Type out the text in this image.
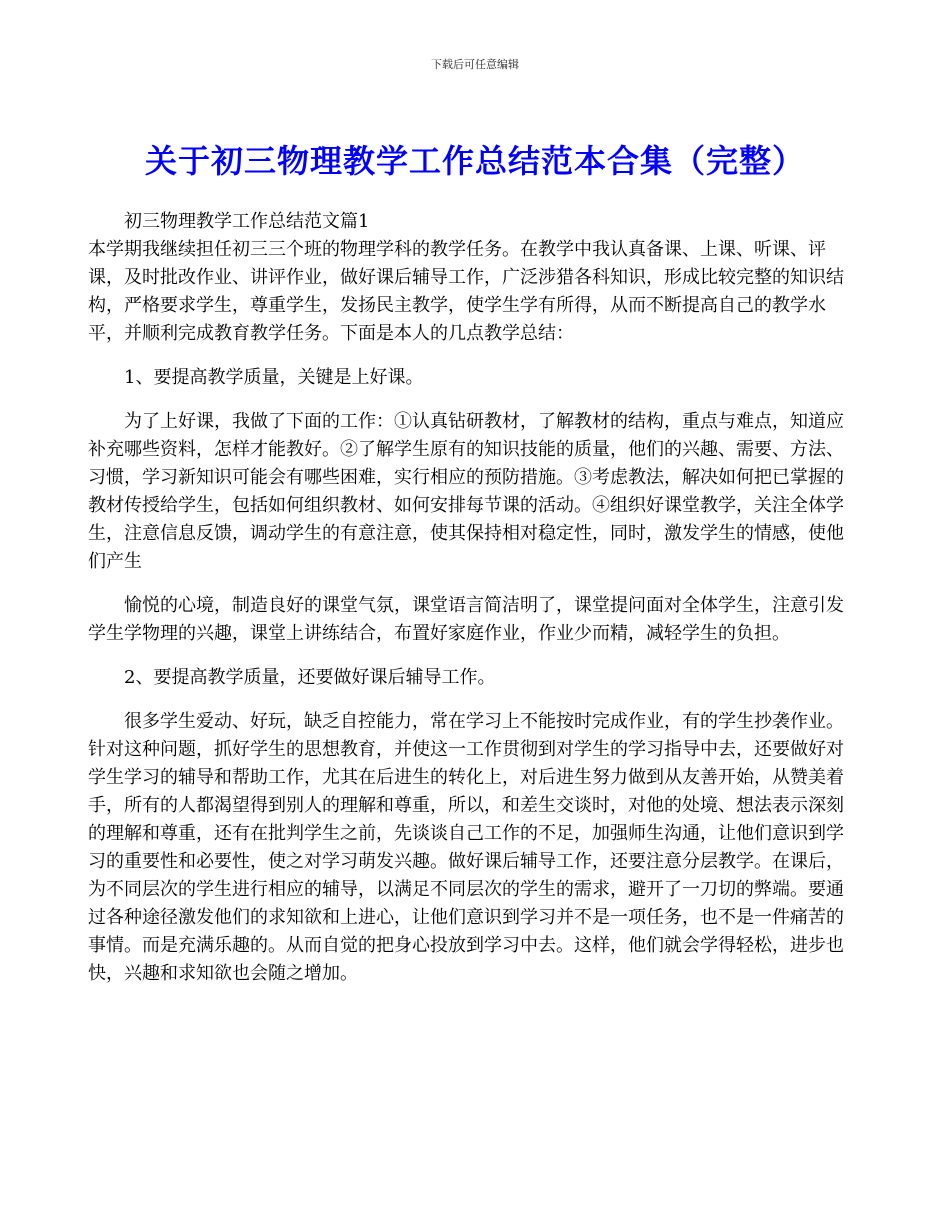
下载后可任意编辑
关于初三物理教学工作总结范本合集（完整）

初三物理教学工作总结范文篇1

本学期我继续担任初三三个班的物理学科的教学任务。在教学中我认真备课、上课、听课、评课，及时批改作业、讲评作业，做好课后辅导工作，广泛涉猎各科知识，形成比较完整的知识结构，严格要求学生，尊重学生，发扬民主教学，使学生学有所得，从而不断提高自己的教学水平，并顺利完成教育教学任务。下面是本人的几点教学总结：

1、要提高教学质量，关键是上好课。

为了上好课，我做了下面的工作：①认真钻研教材，了解教材的结构，重点与难点，知道应补充哪些资料，怎样才能教好。②了解学生原有的知识技能的质量，他们的兴趣、需要、方法、习惯，学习新知识可能会有哪些困难，实行相应的预防措施。③考虑教法，解决如何把已掌握的教材传授给学生，包括如何组织教材、如何安排每节课的活动。④组织好课堂教学，关注全体学生，注意信息反馈，调动学生的有意注意，使其保持相对稳定性，同时，激发学生的情感，使他们产生

愉悦的心境，制造良好的课堂气氛，课堂语言简洁明了，课堂提问面对全体学生，注意引发学生学物理的兴趣，课堂上讲练结合，布置好家庭作业，作业少而精，减轻学生的负担。

2、要提高教学质量，还要做好课后辅导工作。

很多学生爱动、好玩，缺乏自控能力，常在学习上不能按时完成作业，有的学生抄袭作业。针对这种问题，抓好学生的思想教育，并使这一工作贯彻到对学生的学习指导中去，还要做好对学生学习的辅导和帮助工作，尤其在后进生的转化上，对后进生努力做到从友善开始，从赞美着手，所有的人都渴望得到别人的理解和尊重，所以，和差生交谈时，对他的处境、想法表示深刻的理解和尊重，还有在批判学生之前，先谈谈自己工作的不足，加强师生沟通，让他们意识到学习的重要性和必要性，使之对学习萌发兴趣。做好课后辅导工作，还要注意分层教学。在课后，为不同层次的学生进行相应的辅导，以满足不同层次的学生的需求，避开了一刀切的弊端。要通过各种途径激发他们的求知欲和上进心，让他们意识到学习并不是一项任务，也不是一件痛苦的事情。而是充满乐趣的。从而自觉的把身心投放到学习中去。这样，他们就会学得轻松，进步也快，兴趣和求知欲也会随之增加。
